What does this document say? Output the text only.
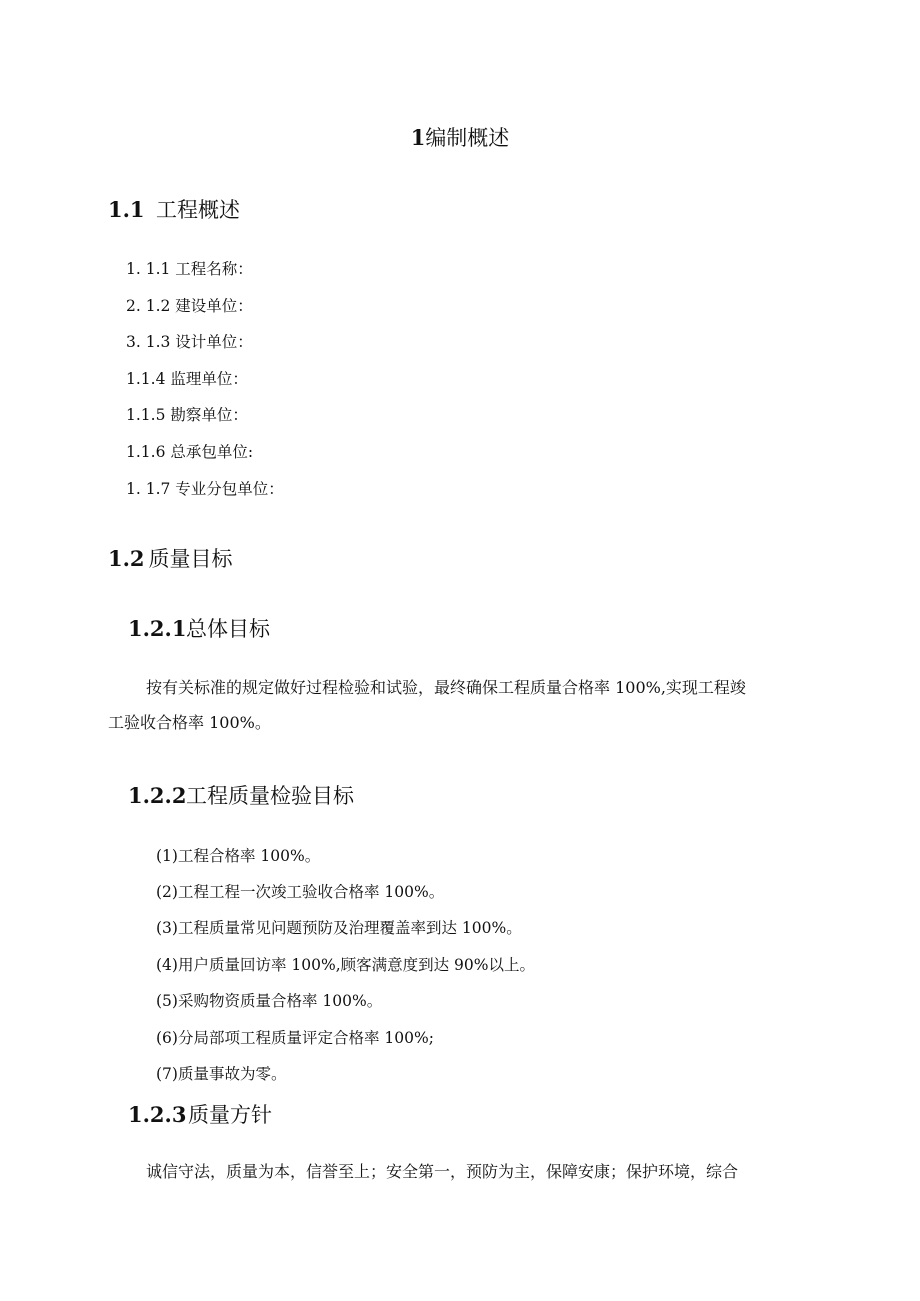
1编制概述
1.1 工程概述
1. 1.1 工程名称：
2. 1.2 建设单位：
3. 1.3 设计单位：
1.1.4 监理单位：
1.1.5 勘察单位：
1.1.6 总承包单位:
1. 1.7 专业分包单位：
1.2 质量目标
1.2.1总体目标
按有关标准的规定做好过程检验和试验，最终确保工程质量合格率 100%,实现工程竣
工验收合格率 100%。
1.2.2工程质量检验目标
(1)工程合格率 100%。
(2)工程工程一次竣工验收合格率 100%。
(3)工程质量常见问题预防及治理覆盖率到达 100%。
(4)用户质量回访率 100%,顾客满意度到达 90%以上。
(5)采购物资质量合格率 100%。
(6)分局部项工程质量评定合格率 100%;
(7)质量事故为零。
1.2.3质量方针
诚信守法，质量为本，信誉至上；安全第一，预防为主，保障安康；保护环境，综合
